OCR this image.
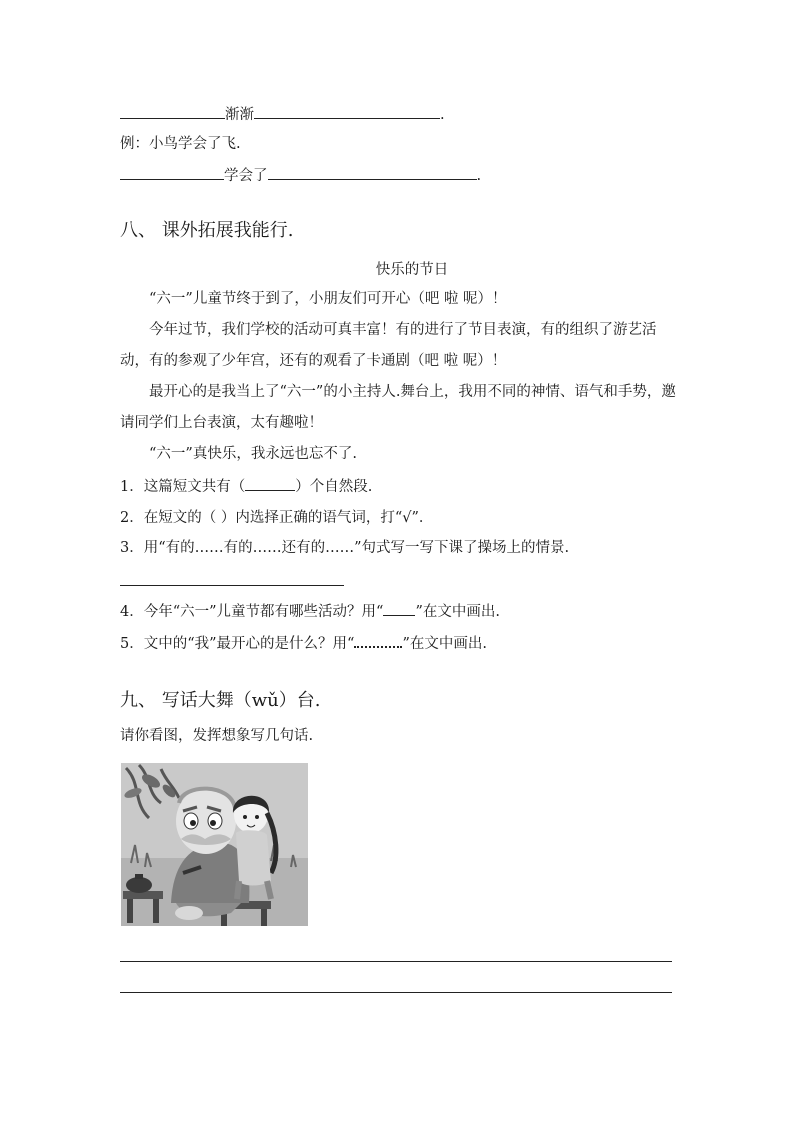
渐渐	.
例：小鸟学会了飞.
学会了	.
八、 课外拓展我能行.
快乐的节日
“六一”儿童节终于到了，小朋友们可开心（吧 啦 呢）！
今年过节，我们学校的活动可真丰富！有的进行了节目表演，有的组织了游艺活动，有的参观了少年宫，还有的观看了卡通剧（吧 啦 呢）！
最开心的是我当上了“六一”的小主持人.舞台上，我用不同的神情、语气和手势，邀请同学们上台表演，太有趣啦！
“六一”真快乐，我永远也忘不了.
1．这篇短文共有（	）个自然段.
2．在短文的（ ）内选择正确的语气词，打“√”．
3．用“有的……有的……还有的……”句式写一写下课了操场上的情景.
4．今年“六一”儿童节都有哪些活动？用“ ”在文中画出.
5．文中的“我”最开心的是什么？用“	”在文中画出.
九、 写话大舞（wǔ）台.
请你看图，发挥想象写几句话.
